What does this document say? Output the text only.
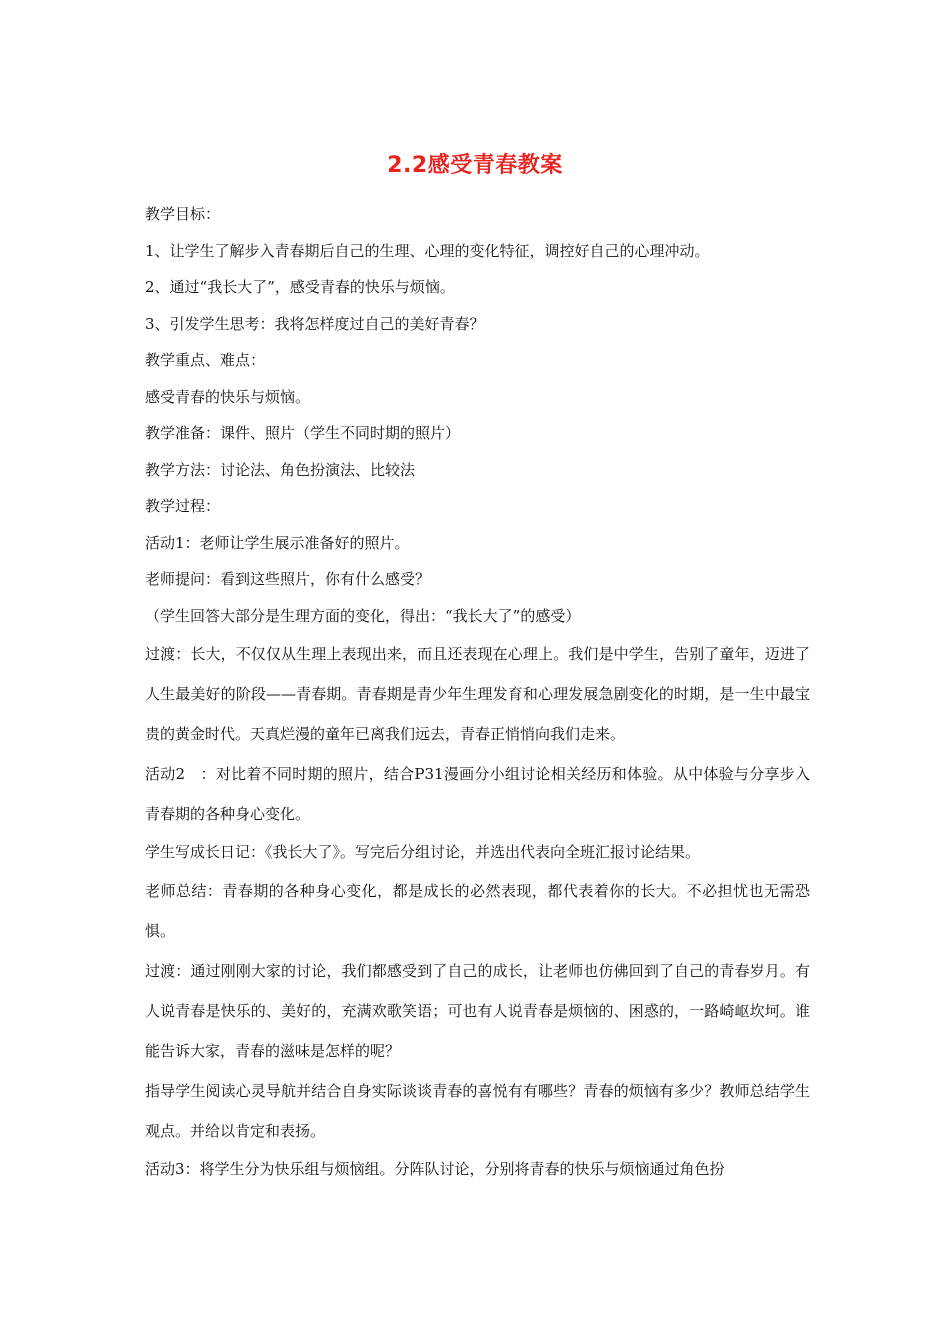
2.2感受青春教案

教学目标：

1、让学生了解步入青春期后自己的生理、心理的变化特征，调控好自己的心理冲动。

2、通过“我长大了”，感受青春的快乐与烦恼。

3、引发学生思考：我将怎样度过自己的美好青春？

教学重点、难点：

感受青春的快乐与烦恼。

教学准备：课件、照片（学生不同时期的照片）

教学方法：讨论法、角色扮演法、比较法

教学过程：

活动1：老师让学生展示准备好的照片。

老师提问：看到这些照片，你有什么感受？

（学生回答大部分是生理方面的变化，得出：“我长大了”的感受）

过渡：长大，不仅仅从生理上表现出来，而且还表现在心理上。我们是中学生，告别了童年，迈进了人生最美好的阶段——青春期。青春期是青少年生理发育和心理发展急剧变化的时期，是一生中最宝贵的黄金时代。天真烂漫的童年已离我们远去，青春正悄悄向我们走来。

活动2　：对比着不同时期的照片，结合P31漫画分小组讨论相关经历和体验。从中体验与分享步入青春期的各种身心变化。

学生写成长日记：《我长大了》。写完后分组讨论，并选出代表向全班汇报讨论结果。

老师总结：青春期的各种身心变化，都是成长的必然表现，都代表着你的长大。不必担忧也无需恐惧。

过渡：通过刚刚大家的讨论，我们都感受到了自己的成长，让老师也仿佛回到了自己的青春岁月。有人说青春是快乐的、美好的，充满欢歌笑语；可也有人说青春是烦恼的、困惑的，一路崎岖坎坷。谁能告诉大家，青春的滋味是怎样的呢？

指导学生阅读心灵导航并结合自身实际谈谈青春的喜悦有有哪些？青春的烦恼有多少？教师总结学生观点。并给以肯定和表扬。

活动3：将学生分为快乐组与烦恼组。分阵队讨论，分别将青春的快乐与烦恼通过角色扮
